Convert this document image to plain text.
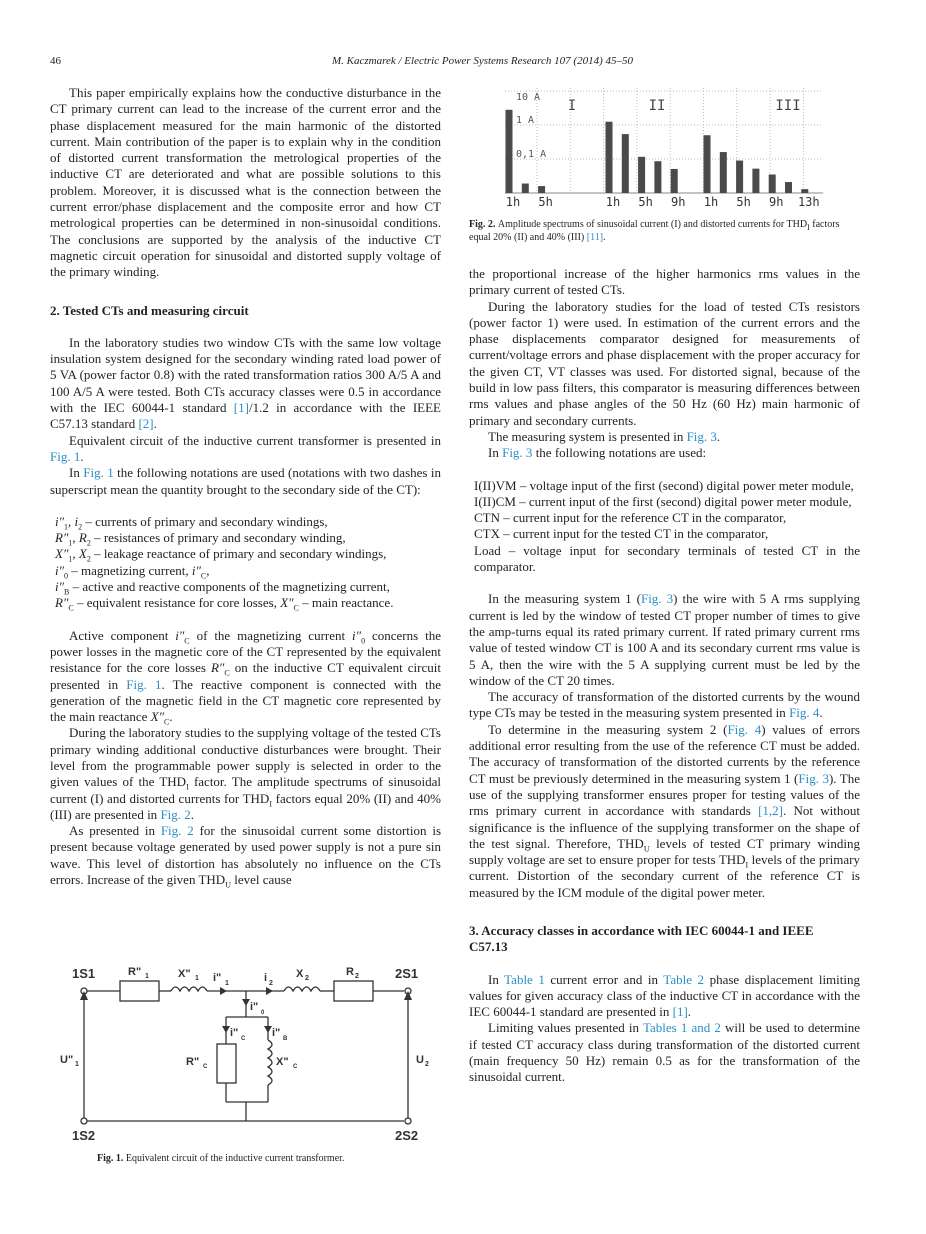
46	M. Kaczmarek / Electric Power Systems Research 107 (2014) 45–50
This paper empirically explains how the conductive disturbance in the CT primary current can lead to the increase of the current error and the phase displacement measured for the main harmonic of the distorted current. Main contribution of the paper is to explain why in the condition of distorted current transformation the metrological properties of the inductive CT are deteriorated and what are possible solutions to this problem. Moreover, it is discussed what is the connection between the current error/phase displacement and the composite error and how CT metrological properties can be determined in non-sinusoidal conditions. The conclusions are supported by the analysis of the inductive CT magnetic circuit operation for sinusoidal and distorted supply voltage of the primary winding.
2. Tested CTs and measuring circuit
In the laboratory studies two window CTs with the same low voltage insulation system designed for the secondary winding rated load power of 5 VA (power factor 0.8) with the rated transformation ratios 300 A/5 A and 100 A/5 A were tested. Both CTs accuracy classes were 0.5 in accordance with the IEC 60044-1 standard [1]/1.2 in accordance with the IEEE C57.13 standard [2].
Equivalent circuit of the inductive current transformer is presented in Fig. 1.
In Fig. 1 the following notations are used (notations with two dashes in superscript mean the quantity brought to the secondary side of the CT):
$i''_1$, $i_2$ – currents of primary and secondary windings,
$R''_1$, $R_2$ – resistances of primary and secondary winding,
$X''_1$, $X_2$ – leakage reactance of primary and secondary windings,
$i''_0$ – magnetizing current, $i''_C$,
$i''_B$ – active and reactive components of the magnetizing current,
$R''_C$ – equivalent resistance for core losses, $X''_C$ – main reactance.
Active component $i''_C$ of the magnetizing current $i''_0$ concerns the power losses in the magnetic core of the CT represented by the equivalent resistance for the core losses $R''_C$ on the inductive CT equivalent circuit presented in Fig. 1. The reactive component is connected with the generation of the magnetic field in the CT magnetic core represented by the main reactance $X''_C$.
During the laboratory studies to the supplying voltage of the tested CTs primary winding additional conductive disturbances were brought. Their level from the programmable power supply is selected in order to the given values of the $THD_I$ factor. The amplitude spectrums of sinusoidal current (I) and distorted currents for $THD_I$ factors equal 20% (II) and 40% (III) are presented in Fig. 2.
As presented in Fig. 2 for the sinusoidal current some distortion is present because voltage generated by used power supply is not a pure sin wave. This level of distortion has absolutely no influence on the CTs errors. Increase of the given $THD_U$ level cause
1S1
1S2
2S1
2S2
R" 1	X" 1 i" 1	i 2
X 2
R 2
i" 0
i" C i" B
R" C	X" C
U" 1	U 2
Fig. 1. Equivalent circuit of the inductive current transformer.
10 A
1 A
0,1 A
I
1h 5h
II
1h 5h 9h
III
1h 5h 9h 13h
Fig. 2. Amplitude spectrums of sinusoidal current (I) and distorted currents for $THD_I$ factors equal 20% (II) and 40% (III) [11].
the proportional increase of the higher harmonics rms values in the primary current of tested CTs.
During the laboratory studies for the load of tested CTs resistors (power factor 1) were used. In estimation of the current errors and the phase displacements comparator designed for measurements of current/voltage errors and phase displacement with the proper accuracy for the given CT, VT classes was used. For distorted signal, because of the build in low pass filters, this comparator is measuring differences between rms values and phase angles of the 50 Hz (60 Hz) main harmonic of primary and secondary currents.
The measuring system is presented in Fig. 3.
In Fig. 3 the following notations are used:
I(II)VM – voltage input of the first (second) digital power meter module,
I(II)CM – current input of the first (second) digital power meter module,
CTN – current input for the reference CT in the comparator,
CTX – current input for the tested CT in the comparator,
Load – voltage input for secondary terminals of tested CT in the comparator.
In the measuring system 1 (Fig. 3) the wire with 5 A rms supplying current is led by the window of tested CT proper number of times to give the amp-turns equal its rated primary current. If rated primary current rms value of tested window CT is 100 A and its secondary current rms value is 5 A, then the wire with the 5 A supplying current must be led by the window of the CT 20 times.
The accuracy of transformation of the distorted currents by the wound type CTs may be tested in the measuring system presented in Fig. 4.
To determine in the measuring system 2 (Fig. 4) values of errors additional error resulting from the use of the reference CT must be added. The accuracy of transformation of the distorted currents by the reference CT must be previously determined in the measuring system 1 (Fig. 3). The use of the supplying transformer ensures proper for testing values of the rms primary current in accordance with standards [1,2]. Not without significance is the influence of the supplying transformer on the shape of the test signal. Therefore, $THD_U$ levels of tested CT primary winding supply voltage are set to ensure proper for tests $THD_I$ levels of the primary current. Distortion of the secondary current of the reference CT is measured by the ICM module of the digital power meter.
3. Accuracy classes in accordance with IEC 60044-1 and IEEE C57.13
In Table 1 current error and in Table 2 phase displacement limiting values for given accuracy class of the inductive CT in accordance with the IEC 60044-1 standard are presented in [1].
Limiting values presented in Tables 1 and 2 will be used to determine if tested CT accuracy class during transformation of the distorted current (main frequency 50 Hz) remain 0.5 as for the transformation of the sinusoidal current.
